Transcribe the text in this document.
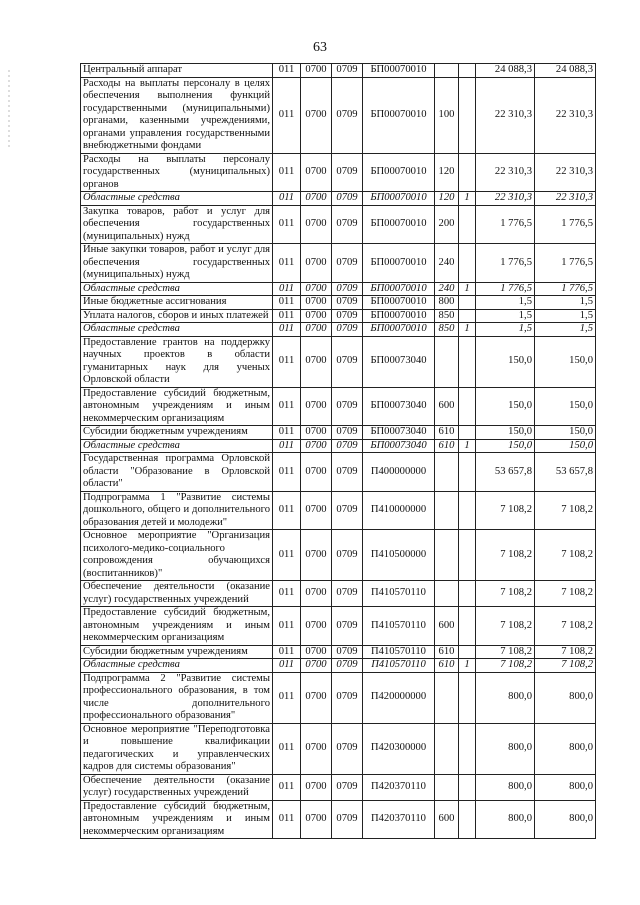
63
Центральный аппарат	011	0700	0709	БП00070010			24 088,3	24 088,3
Расходы на выплаты персоналу в целях обеспечения выполнения функций государственными (муниципальными) органами, казенными учреждениями, органами управления государственными внебюджетными фондами	011	0700	0709	БП00070010	100		22 310,3	22 310,3
Расходы на выплаты персоналу государственных (муниципальных) органов	011	0700	0709	БП00070010	120		22 310,3	22 310,3
Областные средства	011	0700	0709	БП00070010	120	1	22 310,3	22 310,3
Закупка товаров, работ и услуг для обеспечения государственных (муниципальных) нужд	011	0700	0709	БП00070010	200		1 776,5	1 776,5
Иные закупки товаров, работ и услуг для обеспечения государственных (муниципальных) нужд	011	0700	0709	БП00070010	240		1 776,5	1 776,5
Областные средства	011	0700	0709	БП00070010	240	1	1 776,5	1 776,5
Иные бюджетные ассигнования	011	0700	0709	БП00070010	800		1,5	1,5
Уплата налогов, сборов и иных платежей	011	0700	0709	БП00070010	850		1,5	1,5
Областные средства	011	0700	0709	БП00070010	850	1	1,5	1,5
Предоставление грантов на поддержку научных проектов в области гуманитарных наук для ученых Орловской области	011	0700	0709	БП00073040			150,0	150,0
Предоставление субсидий бюджетным, автономным учреждениям и иным некоммерческим организациям	011	0700	0709	БП00073040	600		150,0	150,0
Субсидии бюджетным учреждениям	011	0700	0709	БП00073040	610		150,0	150,0
Областные средства	011	0700	0709	БП00073040	610	1	150,0	150,0
Государственная программа Орловской области "Образование в Орловской области"	011	0700	0709	П400000000			53 657,8	53 657,8
Подпрограмма 1 "Развитие системы дошкольного, общего и дополнительного образования детей и молодежи"	011	0700	0709	П410000000			7 108,2	7 108,2
Основное мероприятие "Организация психолого-медико-социального сопровождения обучающихся (воспитанников)"	011	0700	0709	П410500000			7 108,2	7 108,2
Обеспечение деятельности (оказание услуг) государственных учреждений	011	0700	0709	П410570110			7 108,2	7 108,2
Предоставление субсидий бюджетным, автономным учреждениям и иным некоммерческим организациям	011	0700	0709	П410570110	600		7 108,2	7 108,2
Субсидии бюджетным учреждениям	011	0700	0709	П410570110	610		7 108,2	7 108,2
Областные средства	011	0700	0709	П410570110	610	1	7 108,2	7 108,2
Подпрограмма 2 "Развитие системы профессионального образования, в том числе дополнительного профессионального образования"	011	0700	0709	П420000000			800,0	800,0
Основное мероприятие "Переподготовка и повышение квалификации педагогических и управленческих кадров для системы образования"	011	0700	0709	П420300000			800,0	800,0
Обеспечение деятельности (оказание услуг) государственных учреждений	011	0700	0709	П420370110			800,0	800,0
Предоставление субсидий бюджетным, автономным учреждениям и иным некоммерческим организациям	011	0700	0709	П420370110	600		800,0	800,0
